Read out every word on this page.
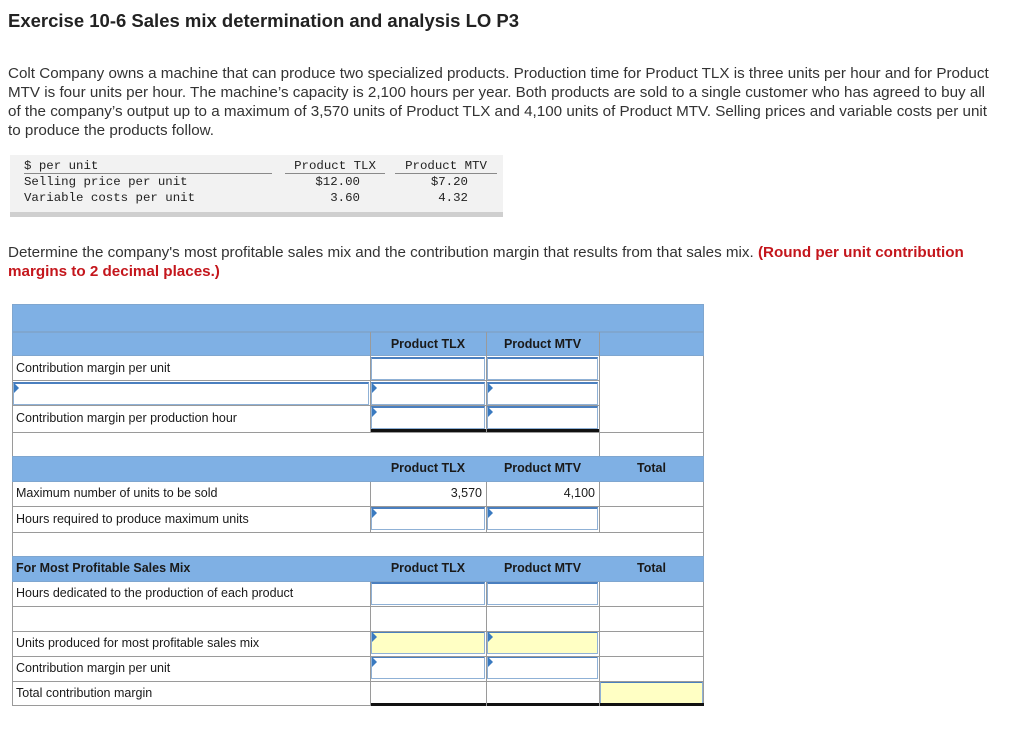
Exercise 10-6 Sales mix determination and analysis LO P3
Colt Company owns a machine that can produce two specialized products. Production time for Product TLX is three units per hour and for Product MTV is four units per hour. The machine’s capacity is 2,100 hours per year. Both products are sold to a single customer who has agreed to buy all of the company’s output up to a maximum of 3,570 units of Product TLX and 4,100 units of Product MTV. Selling prices and variable costs per unit to produce the products follow.
$ per unit	Product TLX	Product MTV
Selling price per unit	$12.00	$7.20
Variable costs per unit	3.60	4.32
Determine the company's most profitable sales mix and the contribution margin that results from that sales mix. (Round per unit contribution margins to 2 decimal places.)
Product TLX	Product MTV
Contribution margin per unit
Contribution margin per production hour
Product TLX	Product MTV	Total
Maximum number of units to be sold	3,570	4,100
Hours required to produce maximum units
For Most Profitable Sales Mix	Product TLX	Product MTV	Total
Hours dedicated to the production of each product
Units produced for most profitable sales mix
Contribution margin per unit
Total contribution margin
